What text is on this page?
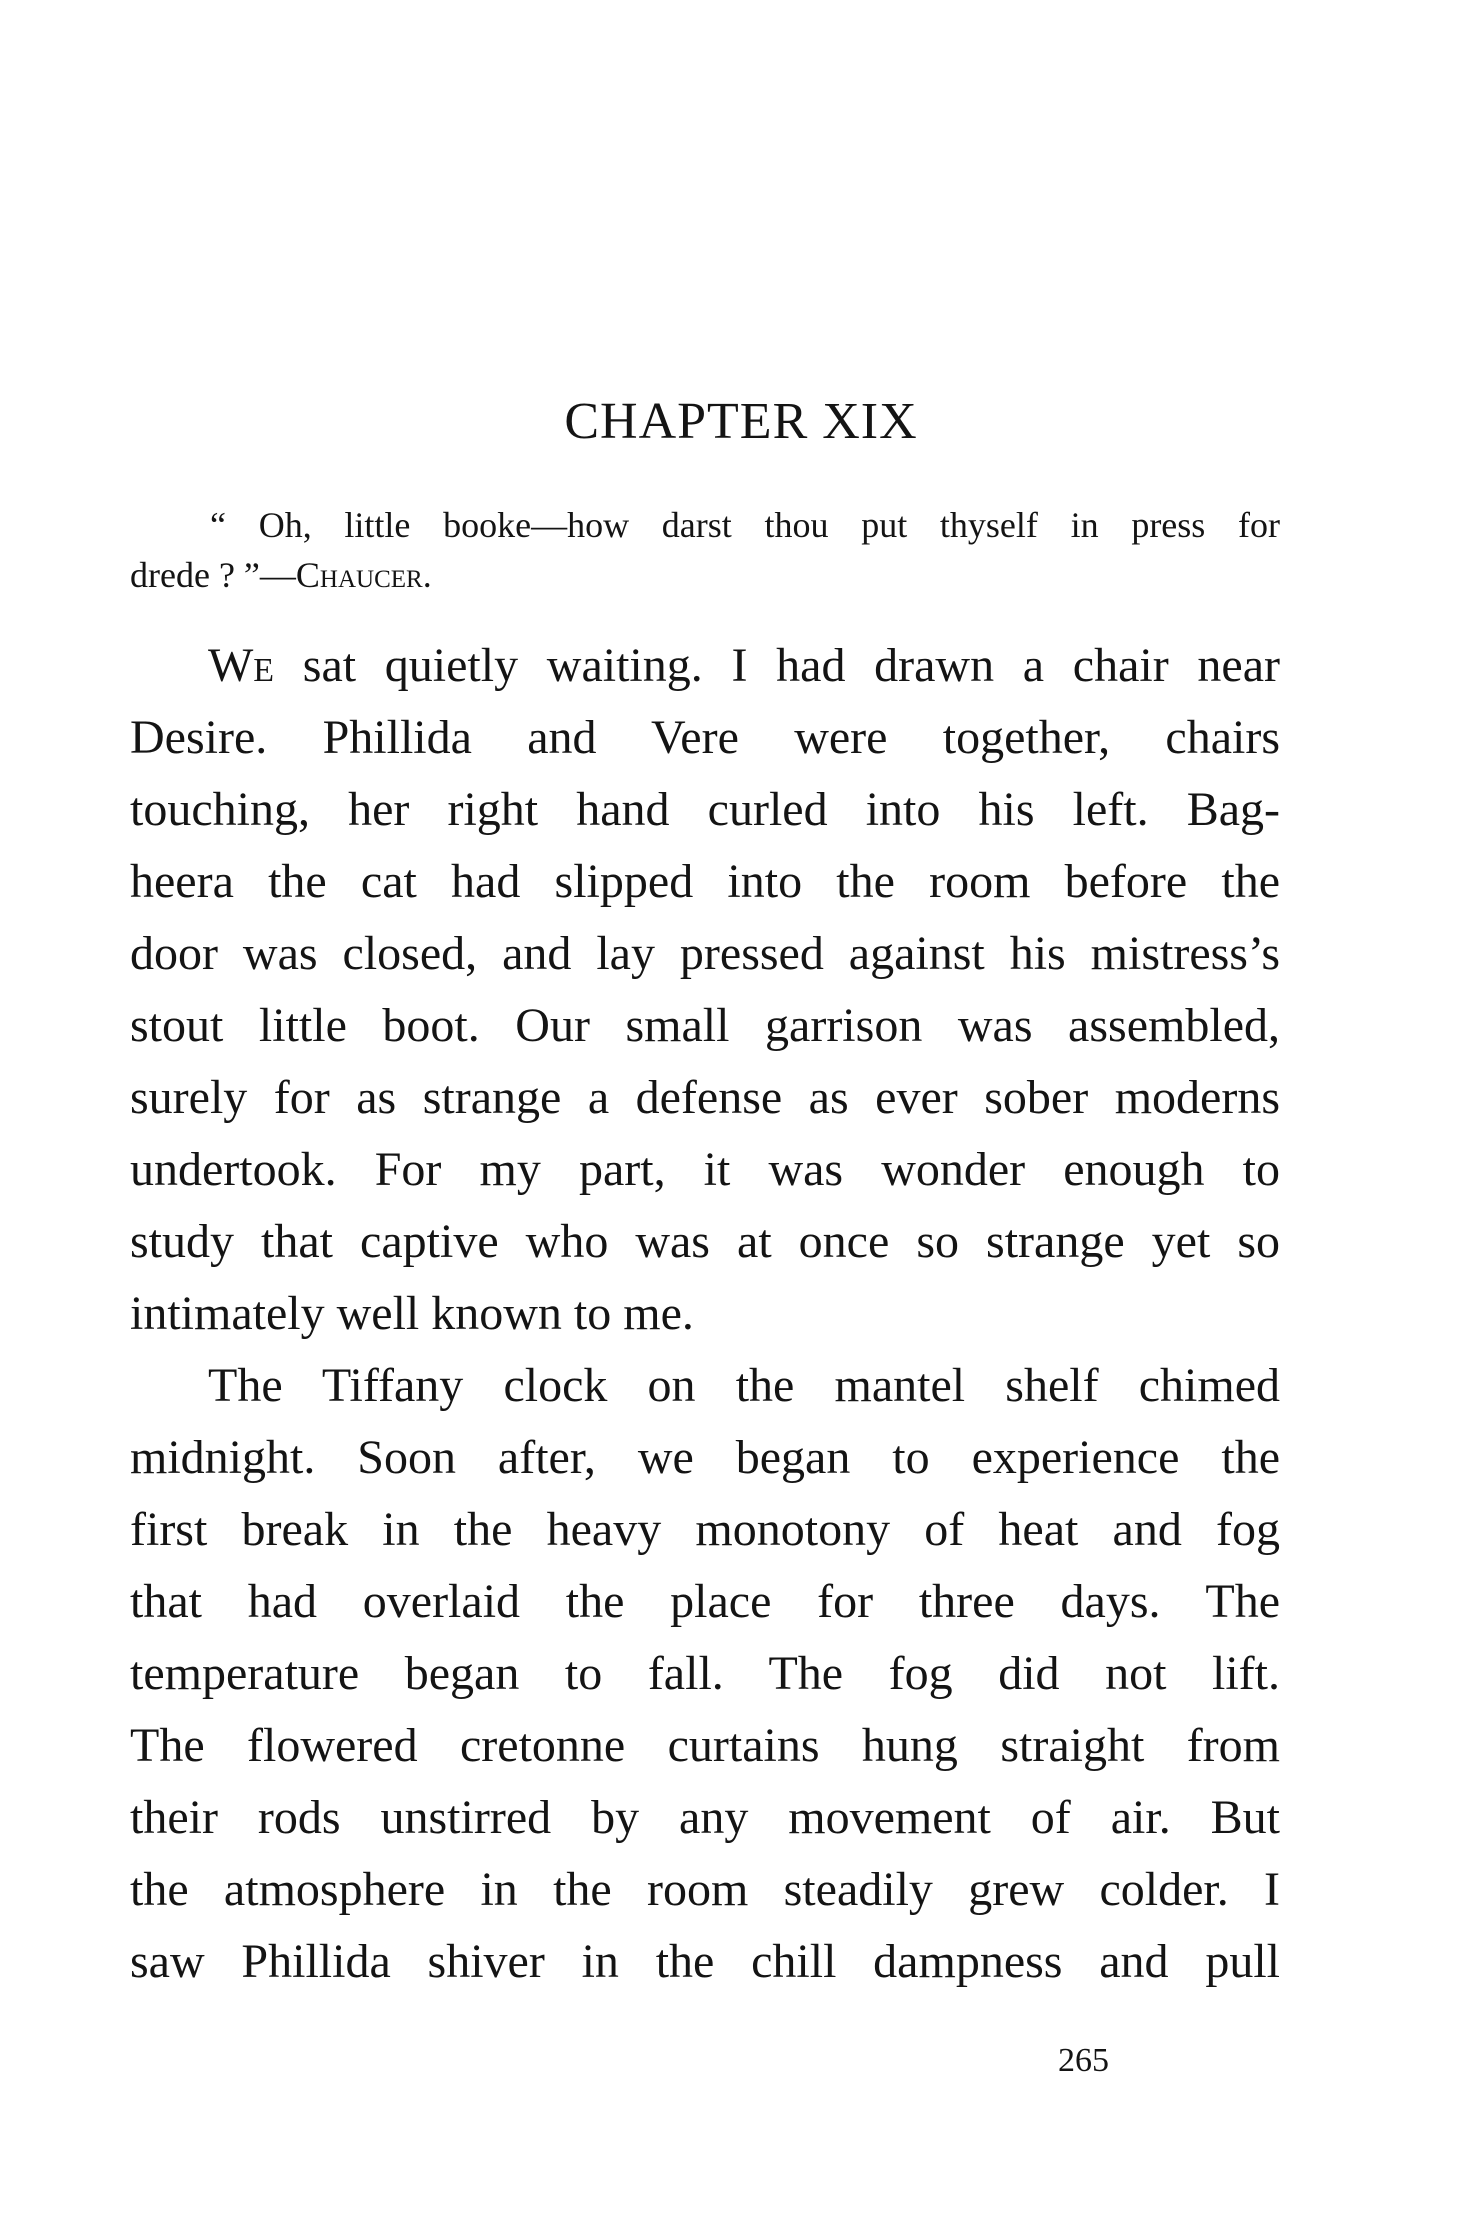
CHAPTER XIX
“ Oh, little booke—how darst thou put thyself in press for
drede ? ”—Chaucer.
We sat quietly waiting. I had drawn a chair near
Desire. Phillida and Vere were together, chairs
touching, her right hand curled into his left. Bag-
heera the cat had slipped into the room before the
door was closed, and lay pressed against his mistress’s
stout little boot. Our small garrison was assembled,
surely for as strange a defense as ever sober moderns
undertook. For my part, it was wonder enough to
study that captive who was at once so strange yet so
intimately well known to me.
The Tiffany clock on the mantel shelf chimed
midnight. Soon after, we began to experience the
first break in the heavy monotony of heat and fog
that had overlaid the place for three days. The
temperature began to fall. The fog did not lift.
The flowered cretonne curtains hung straight from
their rods unstirred by any movement of air. But
the atmosphere in the room steadily grew colder. I
saw Phillida shiver in the chill dampness and pull

265
